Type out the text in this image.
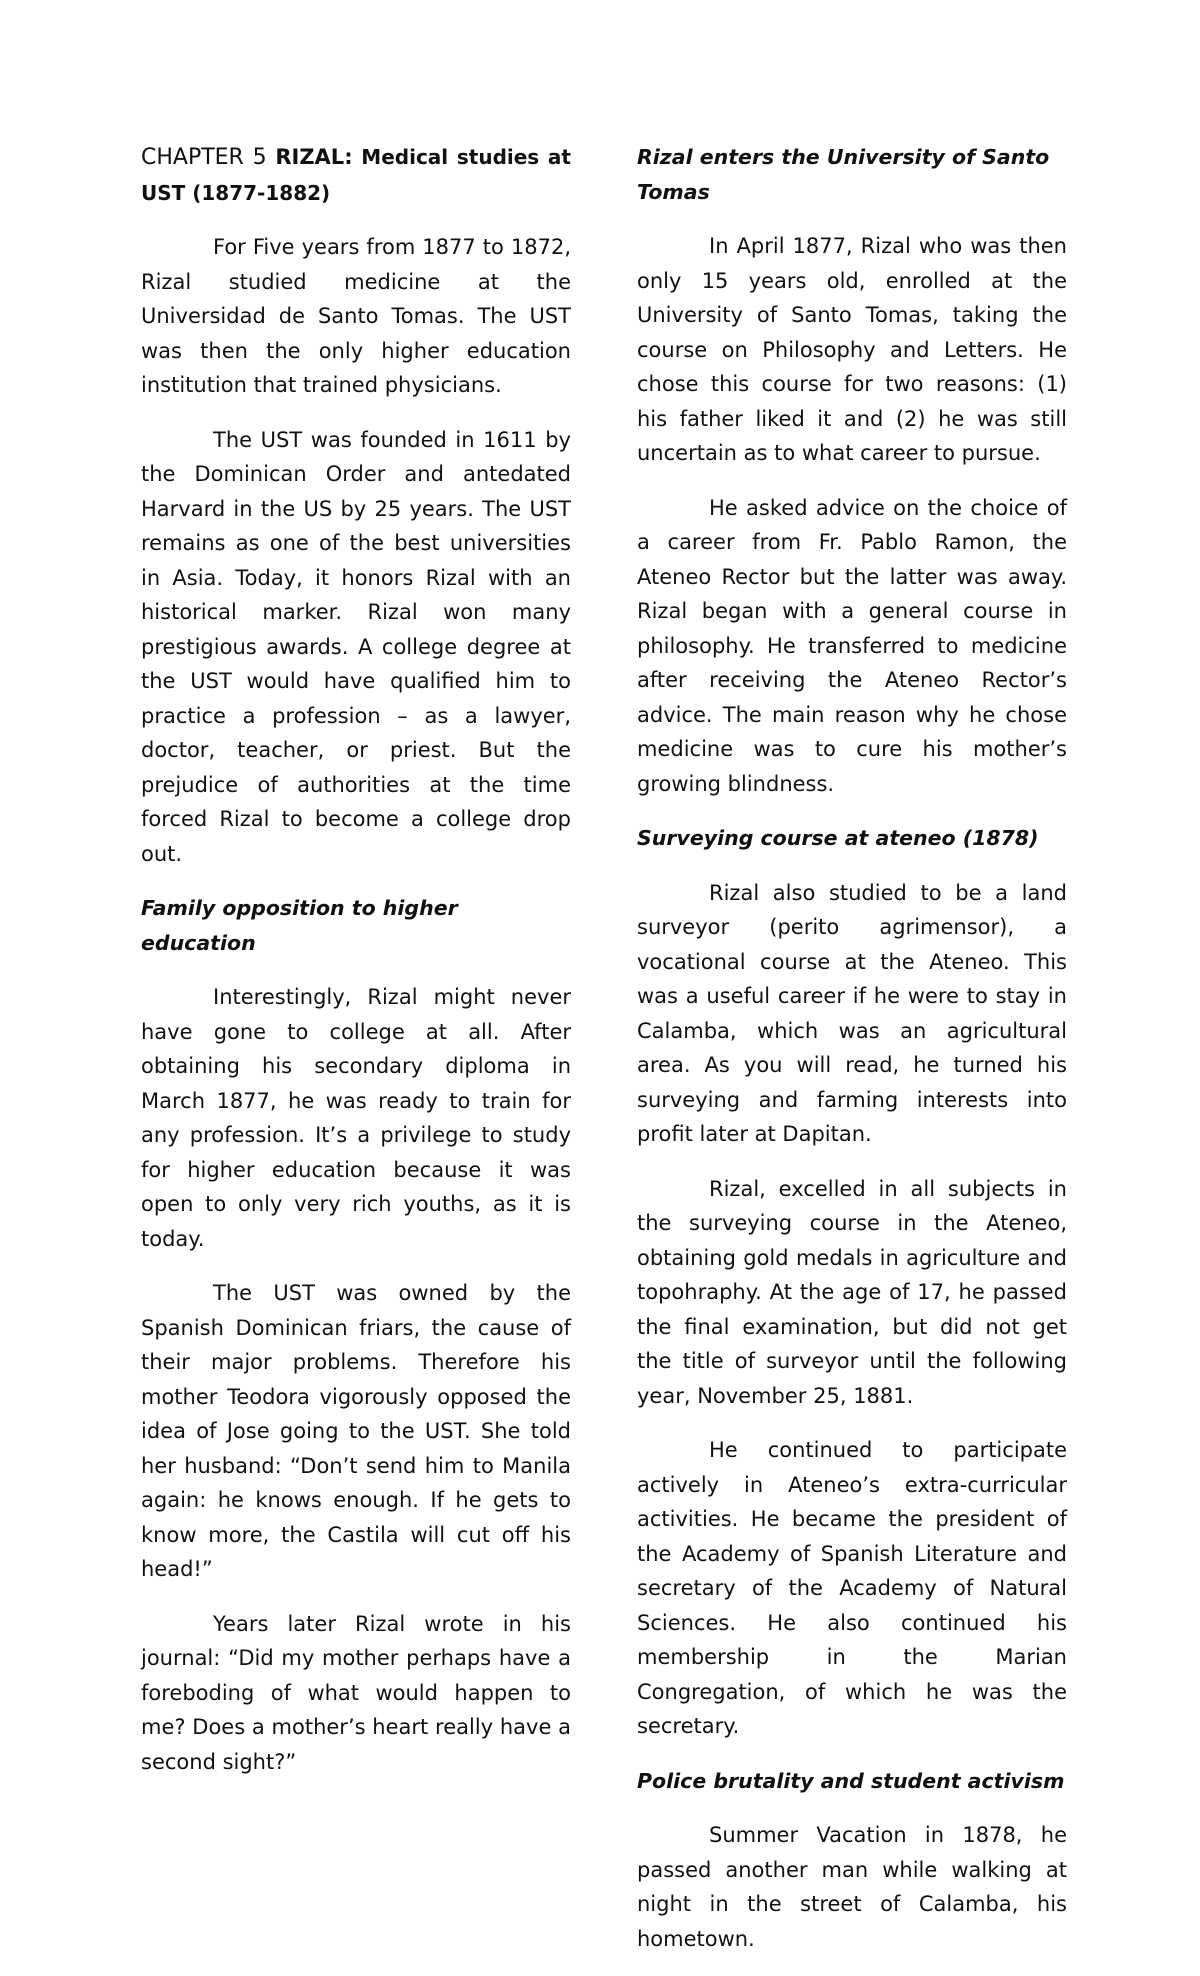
CHAPTER 5 RIZAL: Medical studies at UST (1877-1882)

For Five years from 1877 to 1872, Rizal studied medicine at the Universidad de Santo Tomas. The UST was then the only higher education institution that trained physicians.

The UST was founded in 1611 by the Dominican Order and antedated Harvard in the US by 25 years. The UST remains as one of the best universities in Asia. Today, it honors Rizal with an historical marker. Rizal won many prestigious awards. A college degree at the UST would have qualified him to practice a profession – as a lawyer, doctor, teacher, or priest. But the prejudice of authorities at the time forced Rizal to become a college drop out.

Family opposition to higher education

Interestingly, Rizal might never have gone to college at all. After obtaining his secondary diploma in March 1877, he was ready to train for any profession. It’s a privilege to study for higher education because it was open to only very rich youths, as it is today.

The UST was owned by the Spanish Dominican friars, the cause of their major problems. Therefore his mother Teodora vigorously opposed the idea of Jose going to the UST. She told her husband: “Don’t send him to Manila again: he knows enough. If he gets to know more, the Castila will cut off his head!”

Years later Rizal wrote in his journal: “Did my mother perhaps have a foreboding of what would happen to me? Does a mother’s heart really have a second sight?”

Rizal enters the University of Santo Tomas

In April 1877, Rizal who was then only 15 years old, enrolled at the University of Santo Tomas, taking the course on Philosophy and Letters. He chose this course for two reasons: (1) his father liked it and (2) he was still uncertain as to what career to pursue.

He asked advice on the choice of a career from Fr. Pablo Ramon, the Ateneo Rector but the latter was away. Rizal began with a general course in philosophy. He transferred to medicine after receiving the Ateneo Rector’s advice. The main reason why he chose medicine was to cure his mother’s growing blindness.

Surveying course at ateneo (1878)

Rizal also studied to be a land surveyor (perito agrimensor), a vocational course at the Ateneo. This was a useful career if he were to stay in Calamba, which was an agricultural area. As you will read, he turned his surveying and farming interests into profit later at Dapitan.

Rizal, excelled in all subjects in the surveying course in the Ateneo, obtaining gold medals in agriculture and topohraphy. At the age of 17, he passed the final examination, but did not get the title of surveyor until the following year, November 25, 1881.

He continued to participate actively in Ateneo’s extra-curricular activities. He became the president of the Academy of Spanish Literature and secretary of the Academy of Natural Sciences. He also continued his membership in the Marian Congregation, of which he was the secretary.

Police brutality and student activism

Summer Vacation in 1878, he passed another man while walking at night in the street of Calamba, his hometown.
